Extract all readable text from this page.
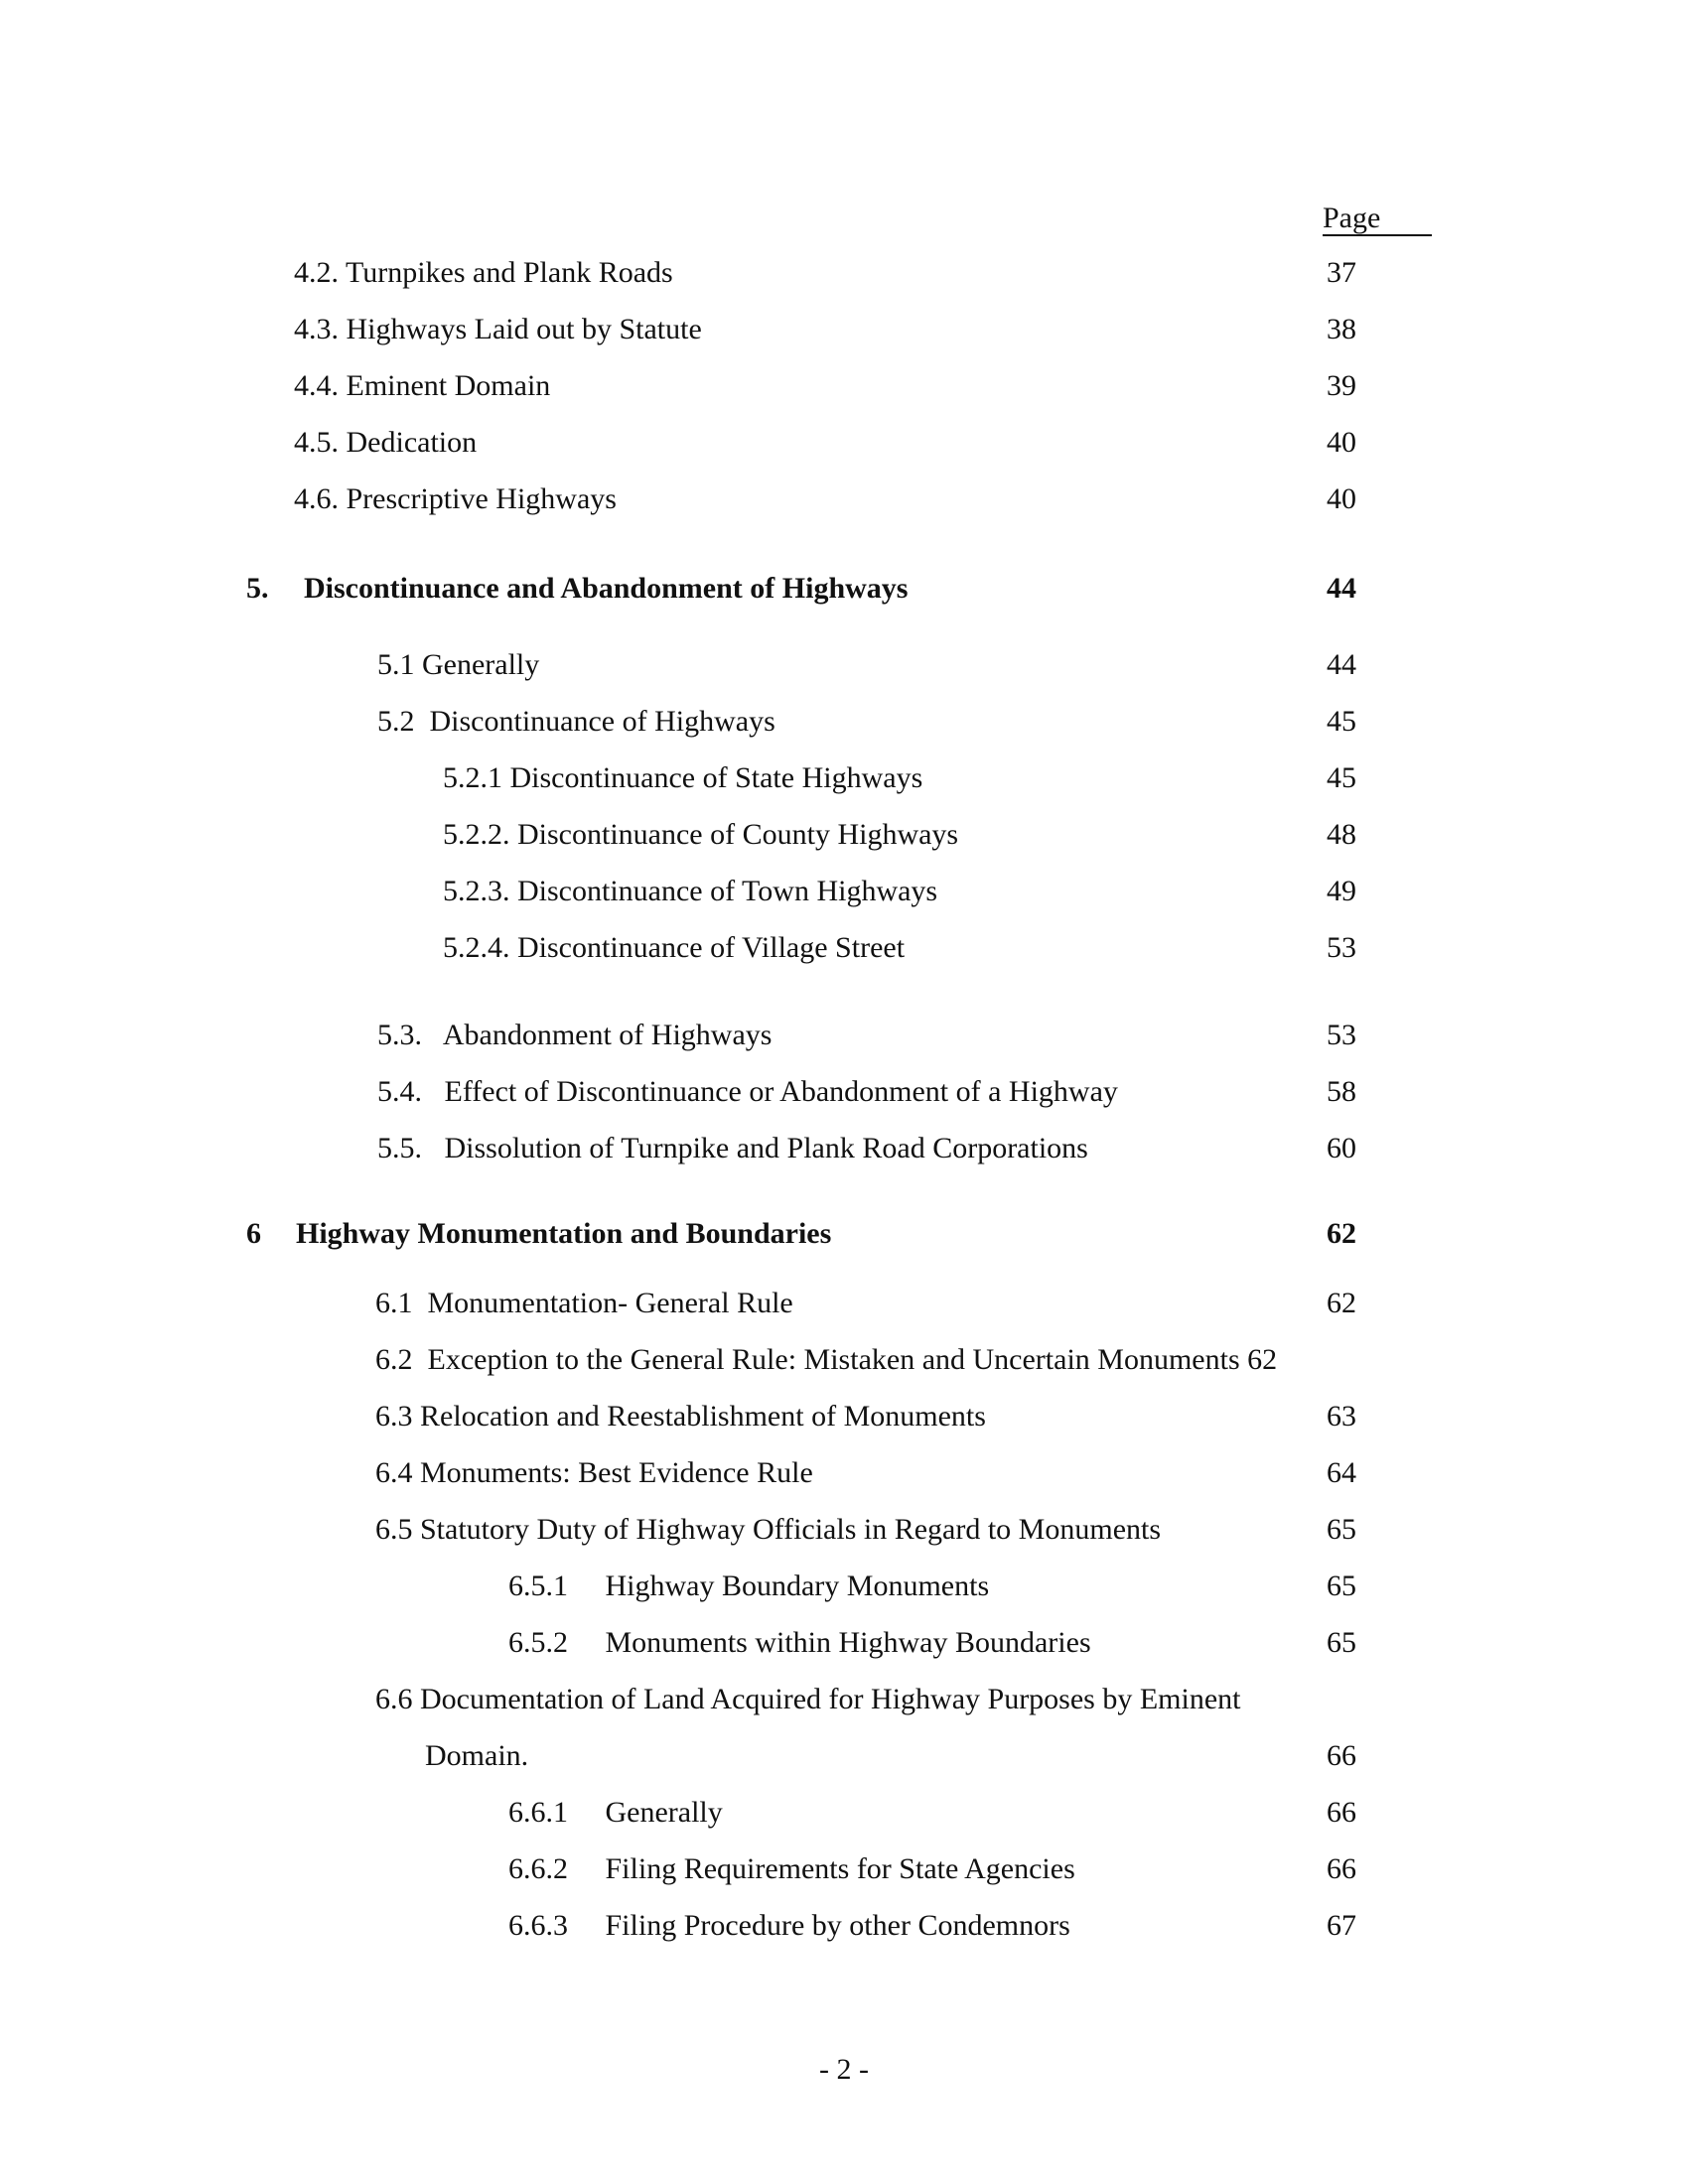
Page
4.2. Turnpikes and Plank Roads	37
4.3. Highways Laid out by Statute	38
4.4. Eminent Domain	39
4.5. Dedication	40
4.6. Prescriptive Highways	40
5. Discontinuance and Abandonment of Highways	44
5.1 Generally	44
5.2  Discontinuance of Highways	45
5.2.1 Discontinuance of State Highways	45
5.2.2. Discontinuance of County Highways	48
5.2.3. Discontinuance of Town Highways	49
5.2.4. Discontinuance of Village Street	53
5.3.   Abandonment of Highways	53
5.4.   Effect of Discontinuance or Abandonment of a Highway	58
5.5.   Dissolution of Turnpike and Plank Road Corporations	60
6 Highway Monumentation and Boundaries	62
6.1  Monumentation- General Rule	62
6.2  Exception to the General Rule: Mistaken and Uncertain Monuments 62
6.3 Relocation and Reestablishment of Monuments	63
6.4 Monuments: Best Evidence Rule	64
6.5 Statutory Duty of Highway Officials in Regard to Monuments	65
6.5.1     Highway Boundary Monuments	65
6.5.2     Monuments within Highway Boundaries	65
6.6 Documentation of Land Acquired for Highway Purposes by Eminent
Domain.	66
6.6.1     Generally	66
6.6.2     Filing Requirements for State Agencies	66
6.6.3     Filing Procedure by other Condemnors	67
- 2 -
